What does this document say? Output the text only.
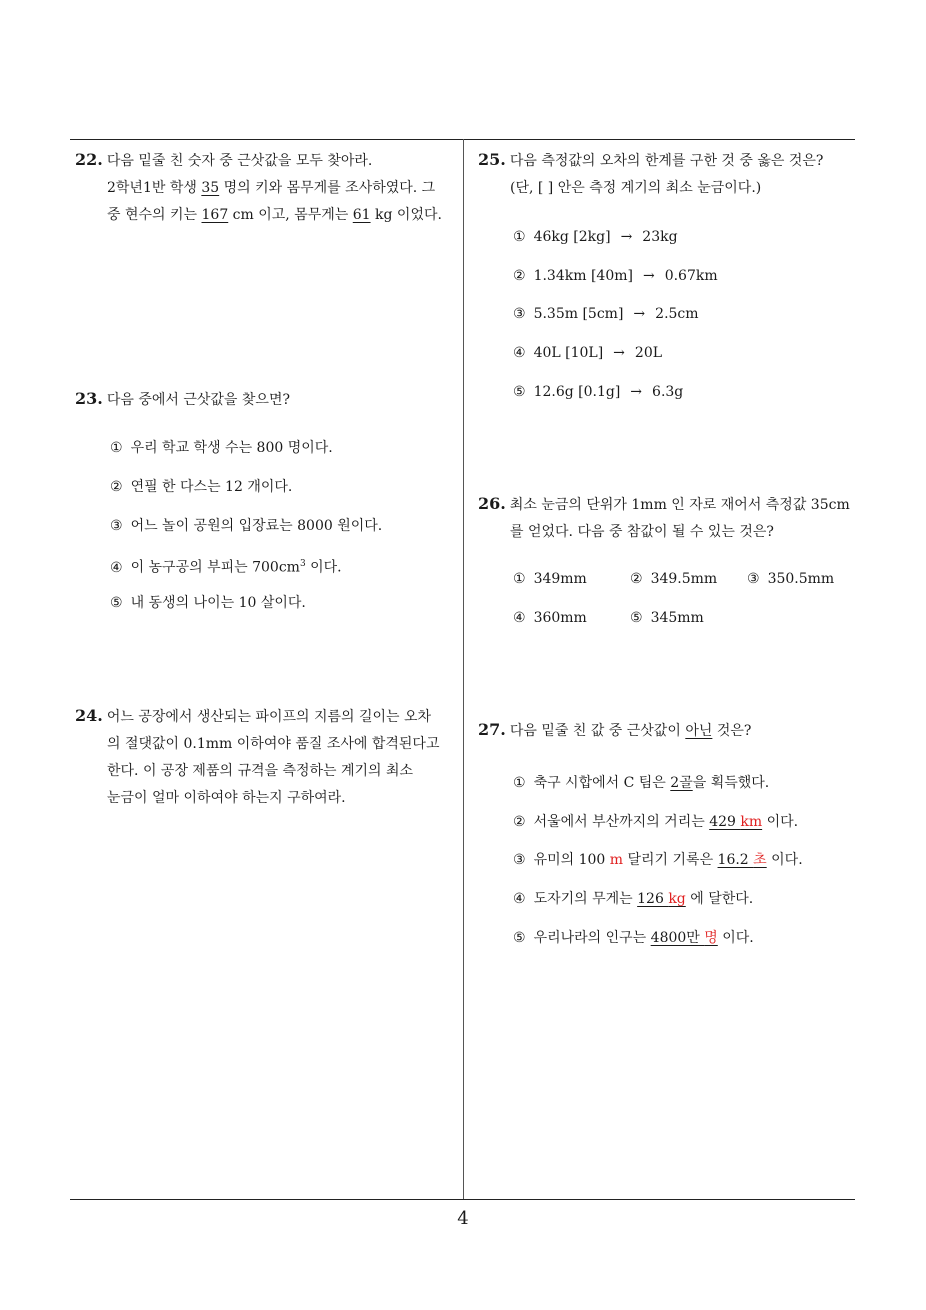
22. 다음 밑줄 친 숫자 중 근삿값을 모두 찾아라.
2학년1반 학생 35 명의 키와 몸무게를 조사하였다. 그
중 현수의 키는 167 cm 이고, 몸무게는 61 kg 이었다.
23. 다음 중에서 근삿값을 찾으면?
① 우리 학교 학생 수는 800 명이다.
② 연필 한 다스는 12 개이다.
③ 어느 놀이 공원의 입장료는 8000 원이다.
④ 이 농구공의 부피는 $700cm^3$ 이다.
⑤ 내 동생의 나이는 10 살이다.
24. 어느 공장에서 생산되는 파이프의 지름의 길이는 오차
의 절댓값이 0.1mm 이하여야 품질 조사에 합격된다고
한다. 이 공장 제품의 규격을 측정하는 계기의 최소
눈금이 얼마 이하여야 하는지 구하여라.
25. 다음 측정값의 오차의 한계를 구한 것 중 옳은 것은?
(단, [ ] 안은 측정 계기의 최소 눈금이다.)
① 46kg [2kg] → 23kg
② 1.34km [40m] → 0.67km
③ 5.35m [5cm] → 2.5cm
④ 40L [10L] → 20L
⑤ 12.6g [0.1g] → 6.3g
26. 최소 눈금의 단위가 1mm 인 자로 재어서 측정값 35cm
를 얻었다. 다음 중 참값이 될 수 있는 것은?
① 349mm	② 349.5mm ③ 350.5mm
④ 360mm	⑤ 345mm
27. 다음 밑줄 친 값 중 근삿값이 아닌 것은?
① 축구 시합에서 C 팀은 2골을 획득했다.
② 서울에서 부산까지의 거리는 429 km 이다.
③ 유미의 100 m 달리기 기록은 16.2 초 이다.
④ 도자기의 무게는 126 kg 에 달한다.
⑤ 우리나라의 인구는 4800만 명 이다.
4
